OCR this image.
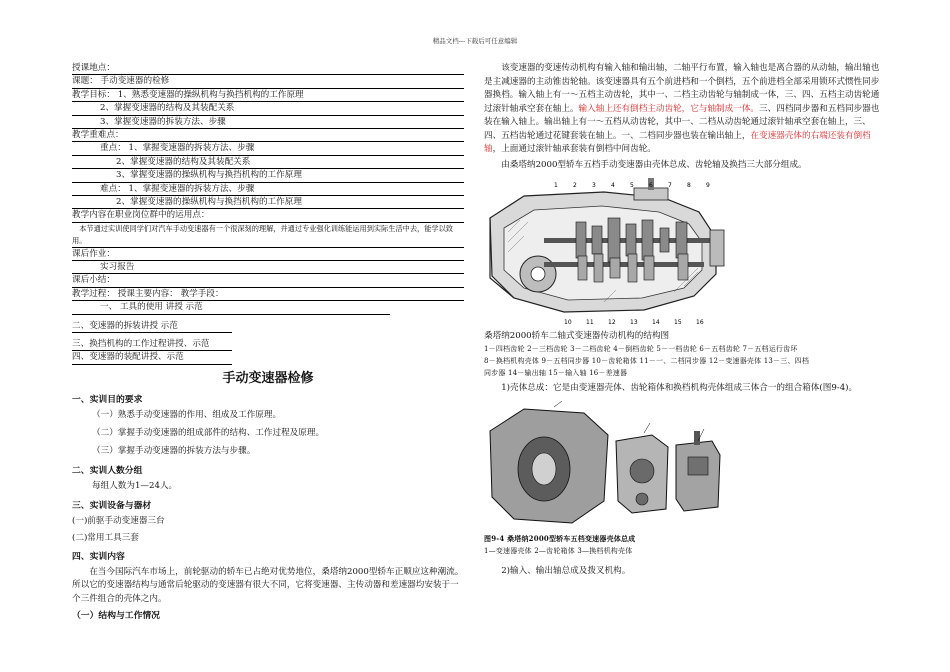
精品文档---下载后可任意编辑
授课地点：
课题： 手动变速器的检修
教学目标： 1、熟悉变速器的操纵机构与换挡机构的工作原理
2、掌握变速器的结构及其装配关系
3、掌握变速器的拆装方法、步骤
教学重难点：
重点： 1、掌握变速器的拆装方法、步骤
2、掌握变速器的结构及其装配关系
3、掌握变速器的操纵机构与换挡机构的工作原理
难点： 1、掌握变速器的拆装方法、步骤
2、掌握变速器的操纵机构与换挡机构的工作原理
教学内容在职业岗位群中的运用点：
本节通过实训使同学们对汽车手动变速器有一个很深刻的理解，并通过专业强化训练能运用到实际生活中去，能学以致用。
课后作业：
实习报告
课后小结：
教学过程： 授课主要内容： 教学手段：
一、 工具的使用 讲授 示范
二、变速器的拆装讲授 示范
三、换挡机构的工作过程讲授、示范
四、变速器的装配讲授、示范
手动变速器检修
一、实训目的要求
（一）熟悉手动变速器的作用、组成及工作原理。
（二）掌握手动变速器的组成部件的结构、工作过程及原理。
（三）掌握手动变速器的拆装方法与步骤。
二、实训人数分组
每组人数为1—24人。
三、实训设备与器材
(一)前驱手动变速器三台
(二)常用工具三套
四、实训内容

在当今国际汽车市场上，前轮驱动的轿车已占绝对优势地位，桑塔纳2000型轿车正顺应这种潮流。所以它的变速器结构与通常后轮驱动的变速器有很大不同，它将变速器、主传动器和差速器均安装于一个三件组合的壳体之内。

（一）结构与工作情况

该变速器的变速传动机构有输入轴和输出轴，二轴平行布置，输入轴也是离合器的从动轴，输出轴也是主减速器的主动锥齿轮轴。该变速器具有五个前进档和一个倒档，五个前进档全部采用锁环式惯性同步器换档。输入轴上有一～五档主动齿轮，其中一、二档主动齿轮与轴制成一体，三、四、五档主动齿轮通过滚针轴承空套在轴上。输入轴上还有倒档主动齿轮，它与轴制成一体。三、四档同步器和五档同步器也装在输入轴上。输出轴上有一～五档从动齿轮，其中一、二档从动齿轮通过滚针轴承空套在轴上，三、四、五档齿轮通过花键套装在轴上。一、二档同步器也装在输出轴上，在变速器壳体的右端还装有倒档轴，上面通过滚针轴承套装有倒档中间齿轮。

由桑塔纳2000型轿车五档手动变速器由壳体总成、齿轮轴及换挡三大部分组成。

1	2	3	4	5	6	7	8	9
10 11 12 13 14 15 16
桑塔纳2000轿车二轴式变速器传动机构的结构图
1－四档齿轮 2－三档齿轮 3－二档齿轮 4－倒档齿轮 5－一档齿轮 6－五档齿轮 7－五档运行齿环
8－换档机构壳体 9－五档同步器 10－齿轮箱体 11－一、二档同步器 12－变速器壳体 13－三、四档
同步器 14－输出轴 15－输入轴 16－差速器

1)壳体总成：它是由变速器壳体、齿轮箱体和换档机构壳体组成三体合一的组合箱体(图9-4)。

图9-4 桑塔纳2000型轿车五档变速器壳体总成
1—变速器壳体 2—齿轮箱体 3—换档机构壳体

2)输入、输出轴总成及拨叉机构。
